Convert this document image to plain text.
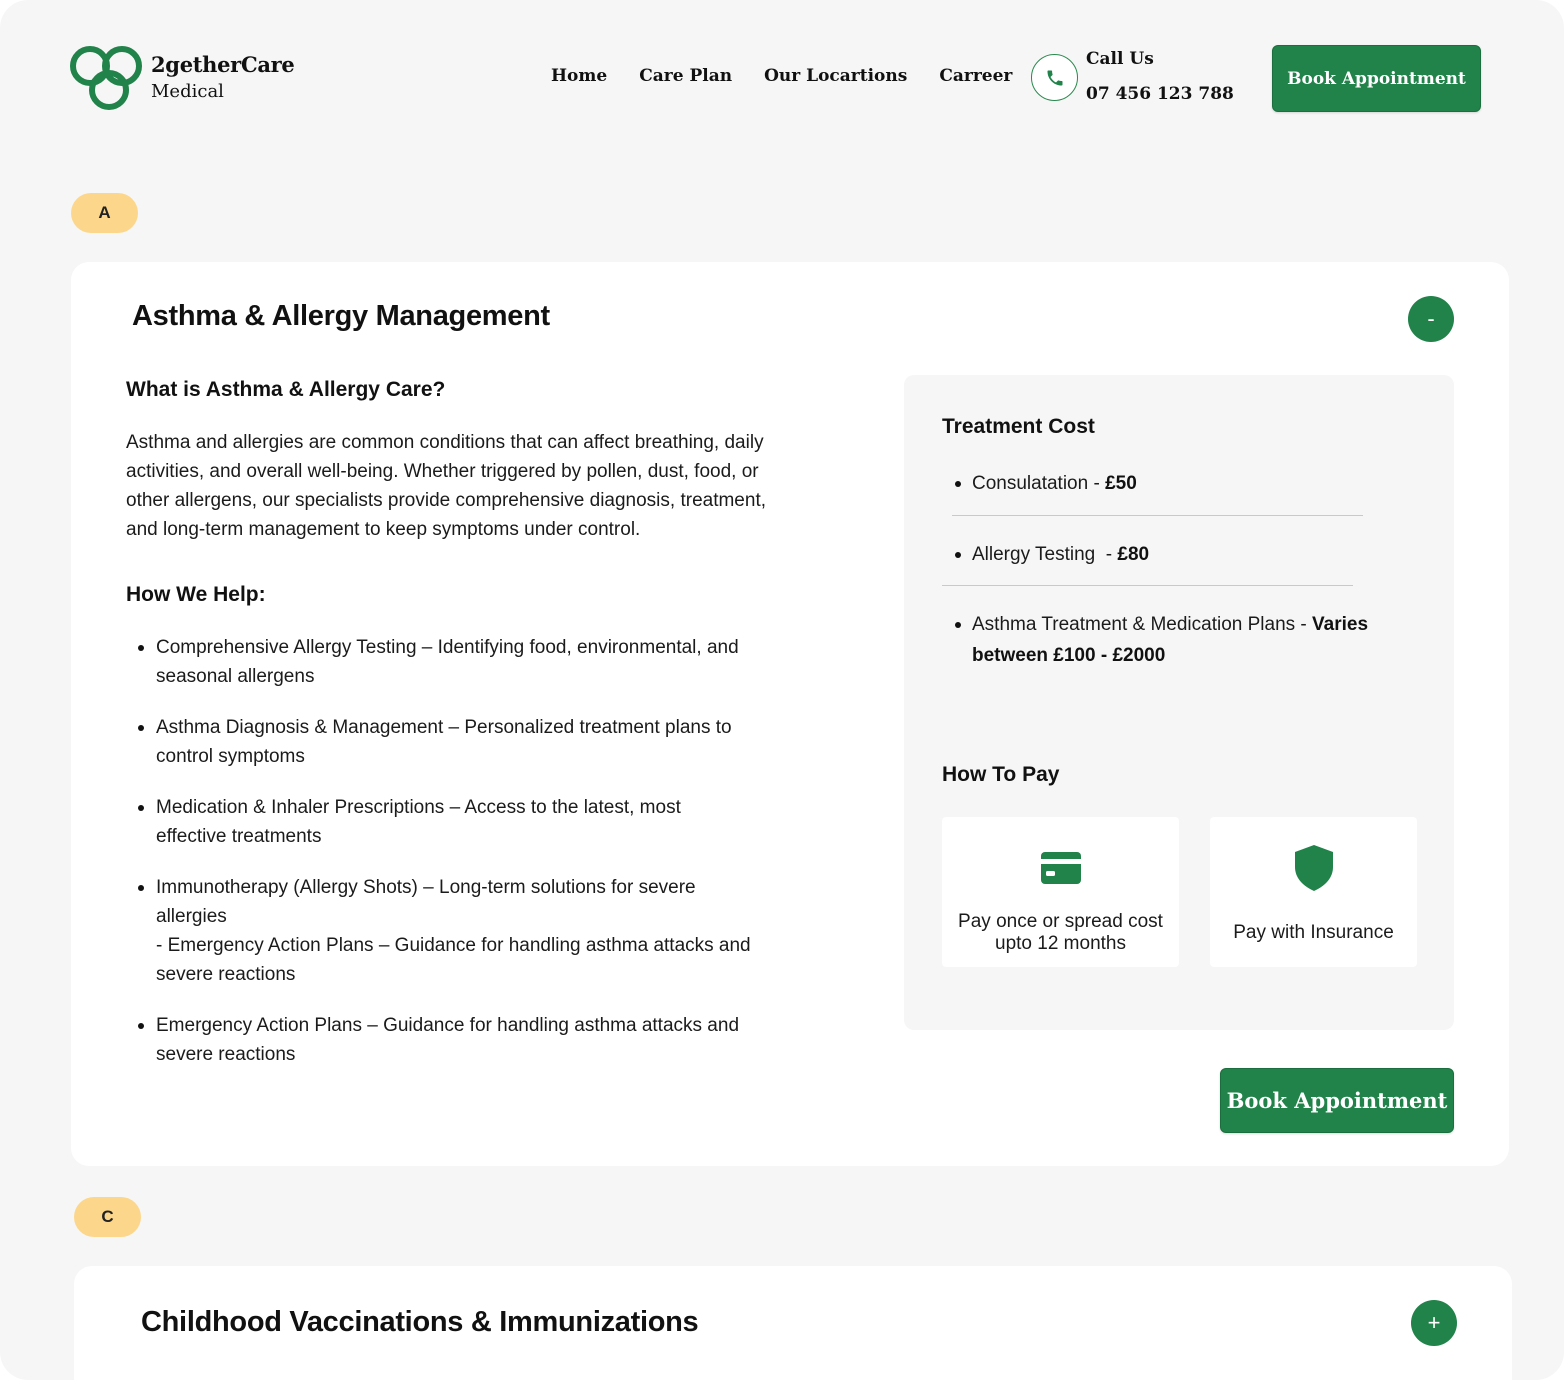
2getherCare
Medical
Home Care Plan Our Locartions Carreer
Call Us
07 456 123 788
Book Appointment
A
Asthma & Allergy Management	-
What is Asthma & Allergy Care?

Asthma and allergies are common conditions that can affect breathing, daily activities, and overall well-being. Whether triggered by pollen, dust, food, or other allergens, our specialists provide comprehensive diagnosis, treatment, and long-term management to keep symptoms under control.

How We Help:
Comprehensive Allergy Testing – Identifying food, environmental, and seasonal allergens
Asthma Diagnosis & Management – Personalized treatment plans to control symptoms
Medication & Inhaler Prescriptions – Access to the latest, most effective treatments
Immunotherapy (Allergy Shots) – Long-term solutions for severe allergies
- Emergency Action Plans – Guidance for handling asthma attacks and severe reactions
Emergency Action Plans – Guidance for handling asthma attacks and severe reactions
Treatment Cost
Consulatation - £50
Allergy Testing  - £80
Asthma Treatment & Medication Plans - Varies between £100 - £2000
How To Pay
Pay once or spread cost upto 12 months
Pay with Insurance
Book Appointment
C
Childhood Vaccinations & Immunizations	+
